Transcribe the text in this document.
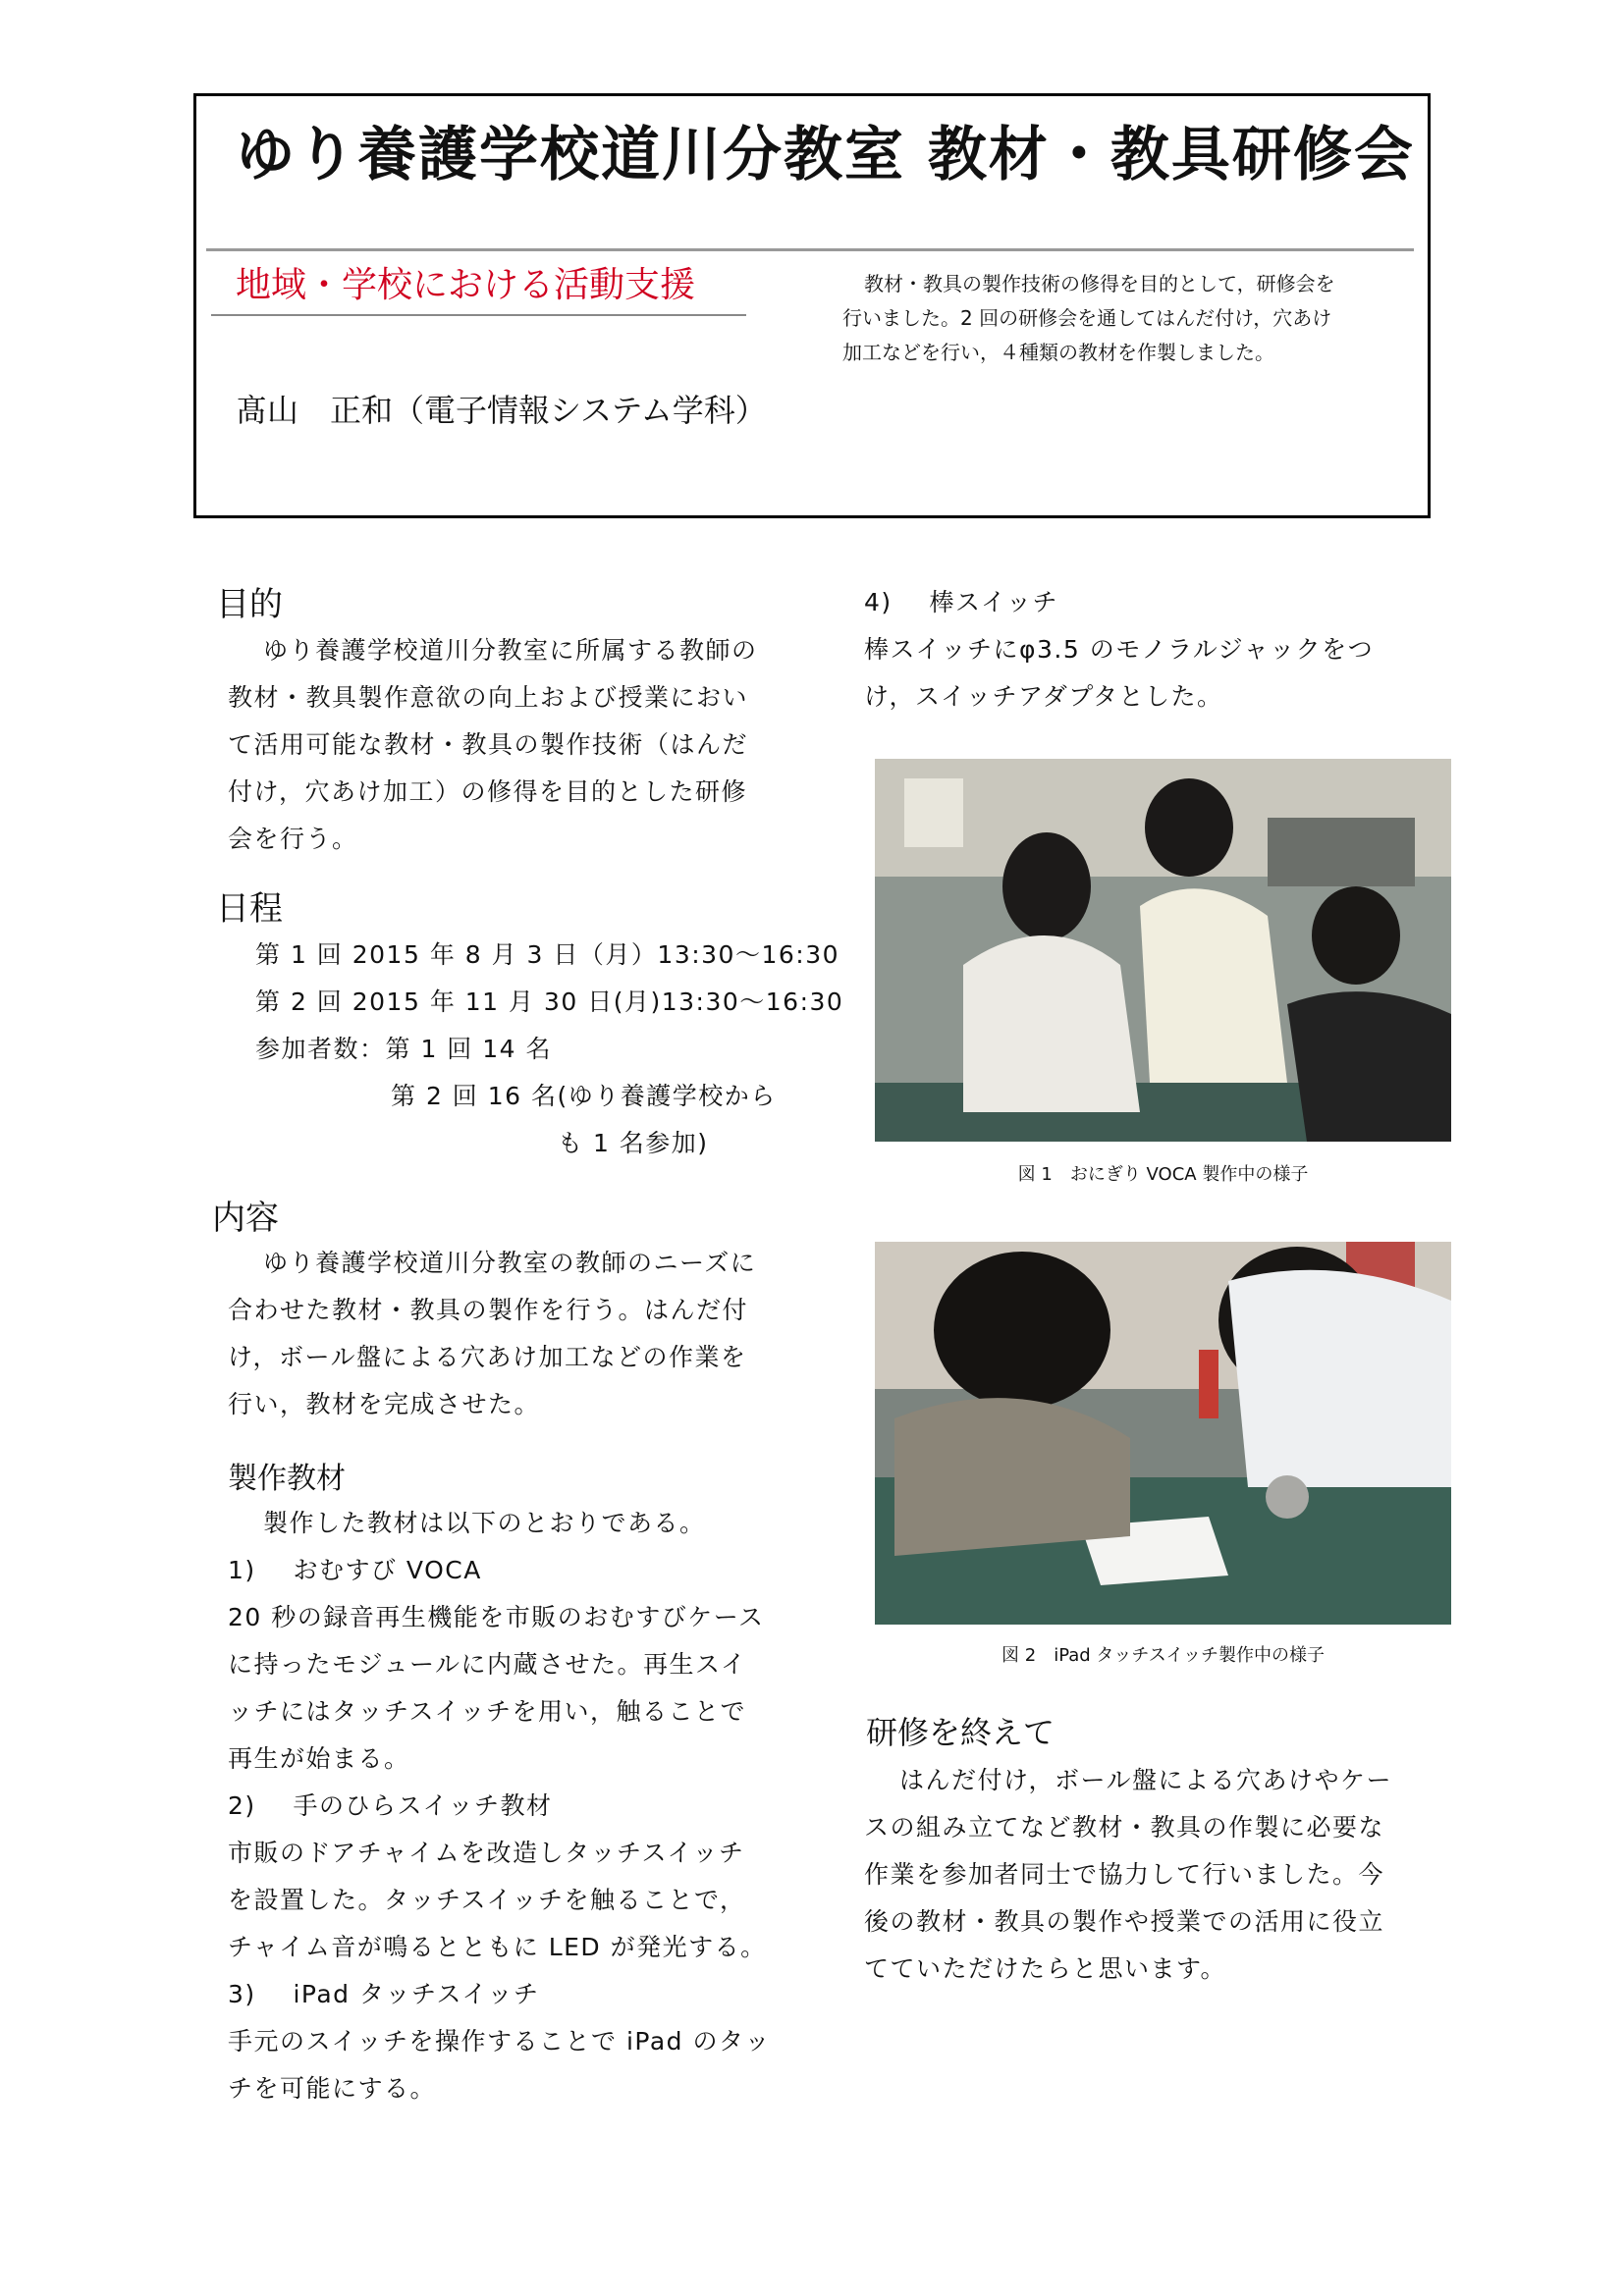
ゆり養護学校道川分教室 教材・教具研修会
地域・学校における活動支援
髙山　正和（電子情報システム学科）
教材・教具の製作技術の修得を目的として，研修会を
行いました。2 回の研修会を通してはんだ付け，穴あけ
加工などを行い，４種類の教材を作製しました。
目的
ゆり養護学校道川分教室に所属する教師の
教材・教具製作意欲の向上および授業におい
て活用可能な教材・教具の製作技術（はんだ
付け，穴あけ加工）の修得を目的とした研修
会を行う。
日程
第 1 回 2015 年 8 月 3 日（月）13:30〜16:30
第 2 回 2015 年 11 月 30 日(月)13:30〜16:30
参加者数：第 1 回 14 名
第 2 回 16 名(ゆり養護学校から
も 1 名参加)
内容
ゆり養護学校道川分教室の教師のニーズに
合わせた教材・教具の製作を行う。はんだ付
け，ボール盤による穴あけ加工などの作業を
行い，教材を完成させた。
製作教材
製作した教材は以下のとおりである。
1) おむすび VOCA
20 秒の録音再生機能を市販のおむすびケース
に持ったモジュールに内蔵させた。再生スイ
ッチにはタッチスイッチを用い，触ることで
再生が始まる。
2) 手のひらスイッチ教材
市販のドアチャイムを改造しタッチスイッチ
を設置した。タッチスイッチを触ることで，
チャイム音が鳴るとともに LED が発光する。
3) iPad タッチスイッチ
手元のスイッチを操作することで iPad のタッ
チを可能にする。
4) 棒スイッチ
棒スイッチにφ3.5 のモノラルジャックをつ
け，スイッチアダプタとした。
図 1　おにぎり VOCA 製作中の様子
図 2　iPad タッチスイッチ製作中の様子
研修を終えて
はんだ付け，ボール盤による穴あけやケー
スの組み立てなど教材・教具の作製に必要な
作業を参加者同士で協力して行いました。今
後の教材・教具の製作や授業での活用に役立
てていただけたらと思います。
